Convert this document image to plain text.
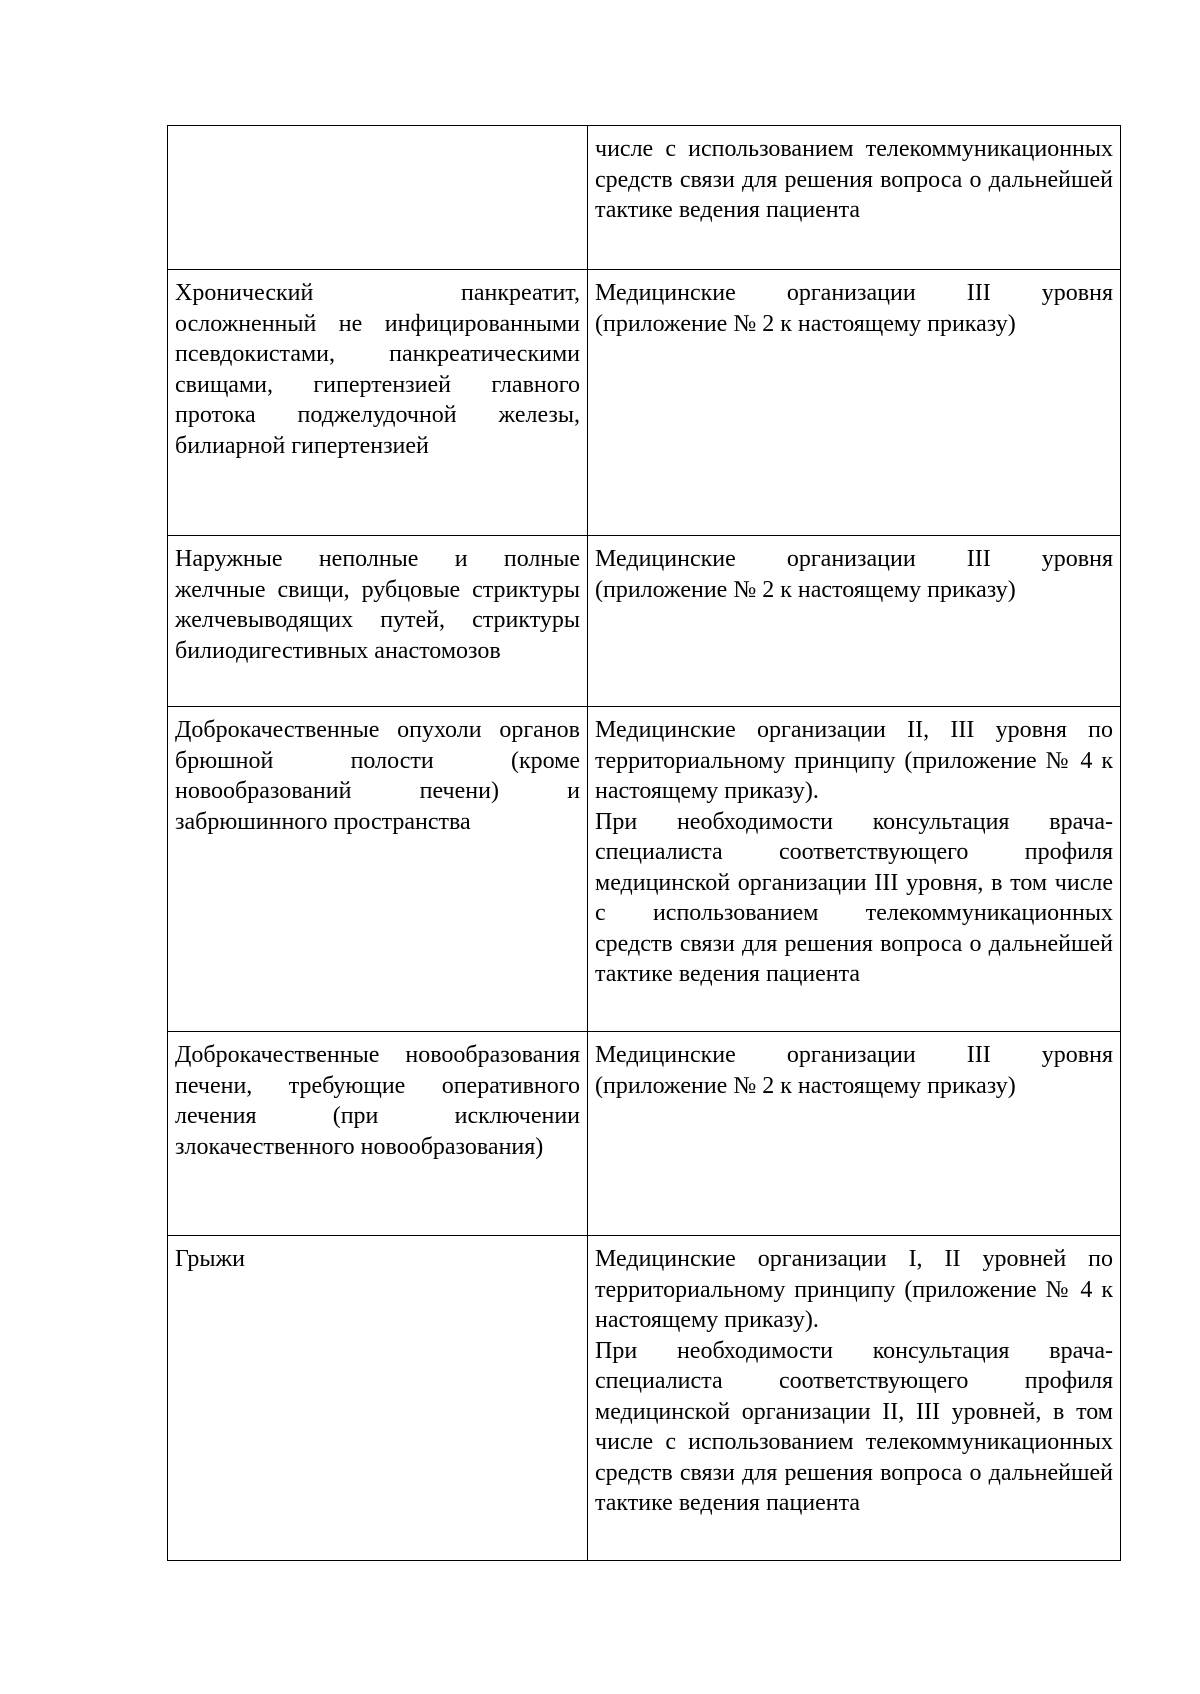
	числе с использованием телекоммуникационных средств связи для решения вопроса о дальнейшей тактике ведения пациента

Хронический панкреатит, осложненный не инфицированными псевдокистами, панкреатическими свищами, гипертензией главного протока поджелудочной железы, билиарной гипертензией	Медицинские организации III уровня (приложение № 2 к настоящему приказу)

Наружные неполные и полные желчные свищи, рубцовые стриктуры желчевыводящих путей, стриктуры билиодигестивных анастомозов	Медицинские организации III уровня (приложение № 2 к настоящему приказу)

Доброкачественные опухоли органов брюшной полости (кроме новообразований печени) и забрюшинного пространства	Медицинские организации II, III уровня по территориальному принципу (приложение № 4 к настоящему приказу).
При необходимости консультация врача-специалиста соответствующего профиля медицинской организации III уровня, в том числе с использованием телекоммуникационных средств связи для решения вопроса о дальнейшей тактике ведения пациента

Доброкачественные новообразования печени, требующие оперативного лечения (при исключении злокачественного новообразования)	Медицинские организации III уровня (приложение № 2 к настоящему приказу)

Грыжи	Медицинские организации I, II уровней по территориальному принципу (приложение № 4 к настоящему приказу).
При необходимости консультация врача-специалиста соответствующего профиля медицинской организации II, III уровней, в том числе с использованием телекоммуникационных средств связи для решения вопроса о дальнейшей тактике ведения пациента
